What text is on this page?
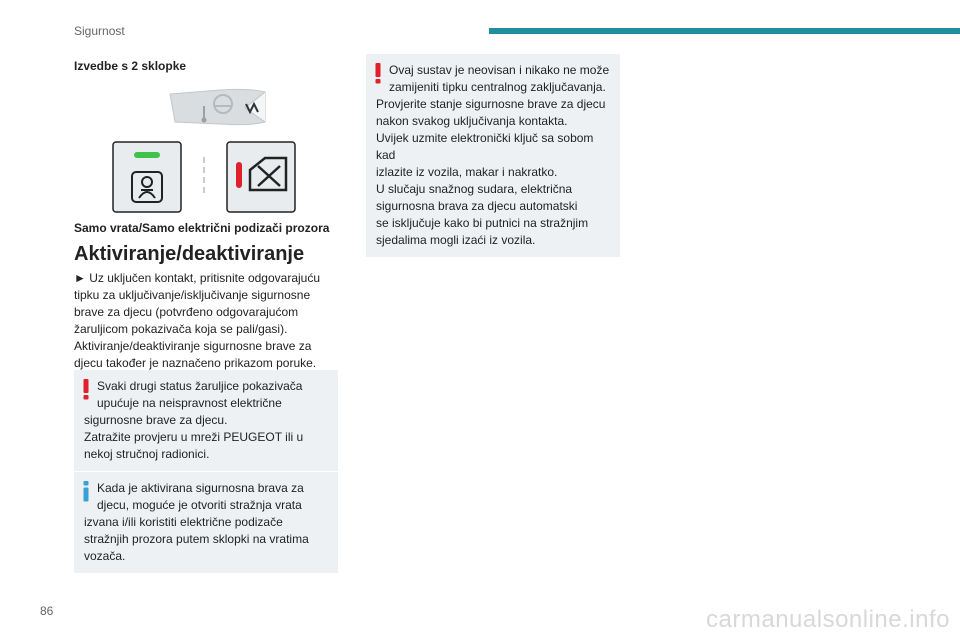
Sigurnost
Izvedbe s 2 sklopke
Samo vrata/Samo električni podizači prozora
Aktiviranje/deaktiviranje
► Uz uključen kontakt, pritisnite odgovarajuću
tipku za uključivanje/isključivanje sigurnosne
brave za djecu (potvrđeno odgovarajućom
žaruljicom pokazivača koja se pali/gasi).
Aktiviranje/deaktiviranje sigurnosne brave za
djecu također je naznačeno prikazom poruke.

Svaki drugi status žaruljice pokazivača

upućuje na neispravnost električne

sigurnosne brave za djecu.

Zatražite provjeru u mreži PEUGEOT ili u

nekoj stručnoj radionici.

Kada je aktivirana sigurnosna brava za

djecu, moguće je otvoriti stražnja vrata

izvana i/ili koristiti električne podizače

stražnjih prozora putem sklopki na vratima

vozača.

Ovaj sustav je neovisan i nikako ne može

zamijeniti tipku centralnog zaključavanja.

Provjerite stanje sigurnosne brave za djecu

nakon svakog uključivanja kontakta.

Uvijek uzmite elektronički ključ sa sobom kad

izlazite iz vozila, makar i nakratko.

U slučaju snažnog sudara, električna

sigurnosna brava za djecu automatski

se isključuje kako bi putnici na stražnjim

sjedalima mogli izaći iz vozila.

86	carmanualsonline.info
